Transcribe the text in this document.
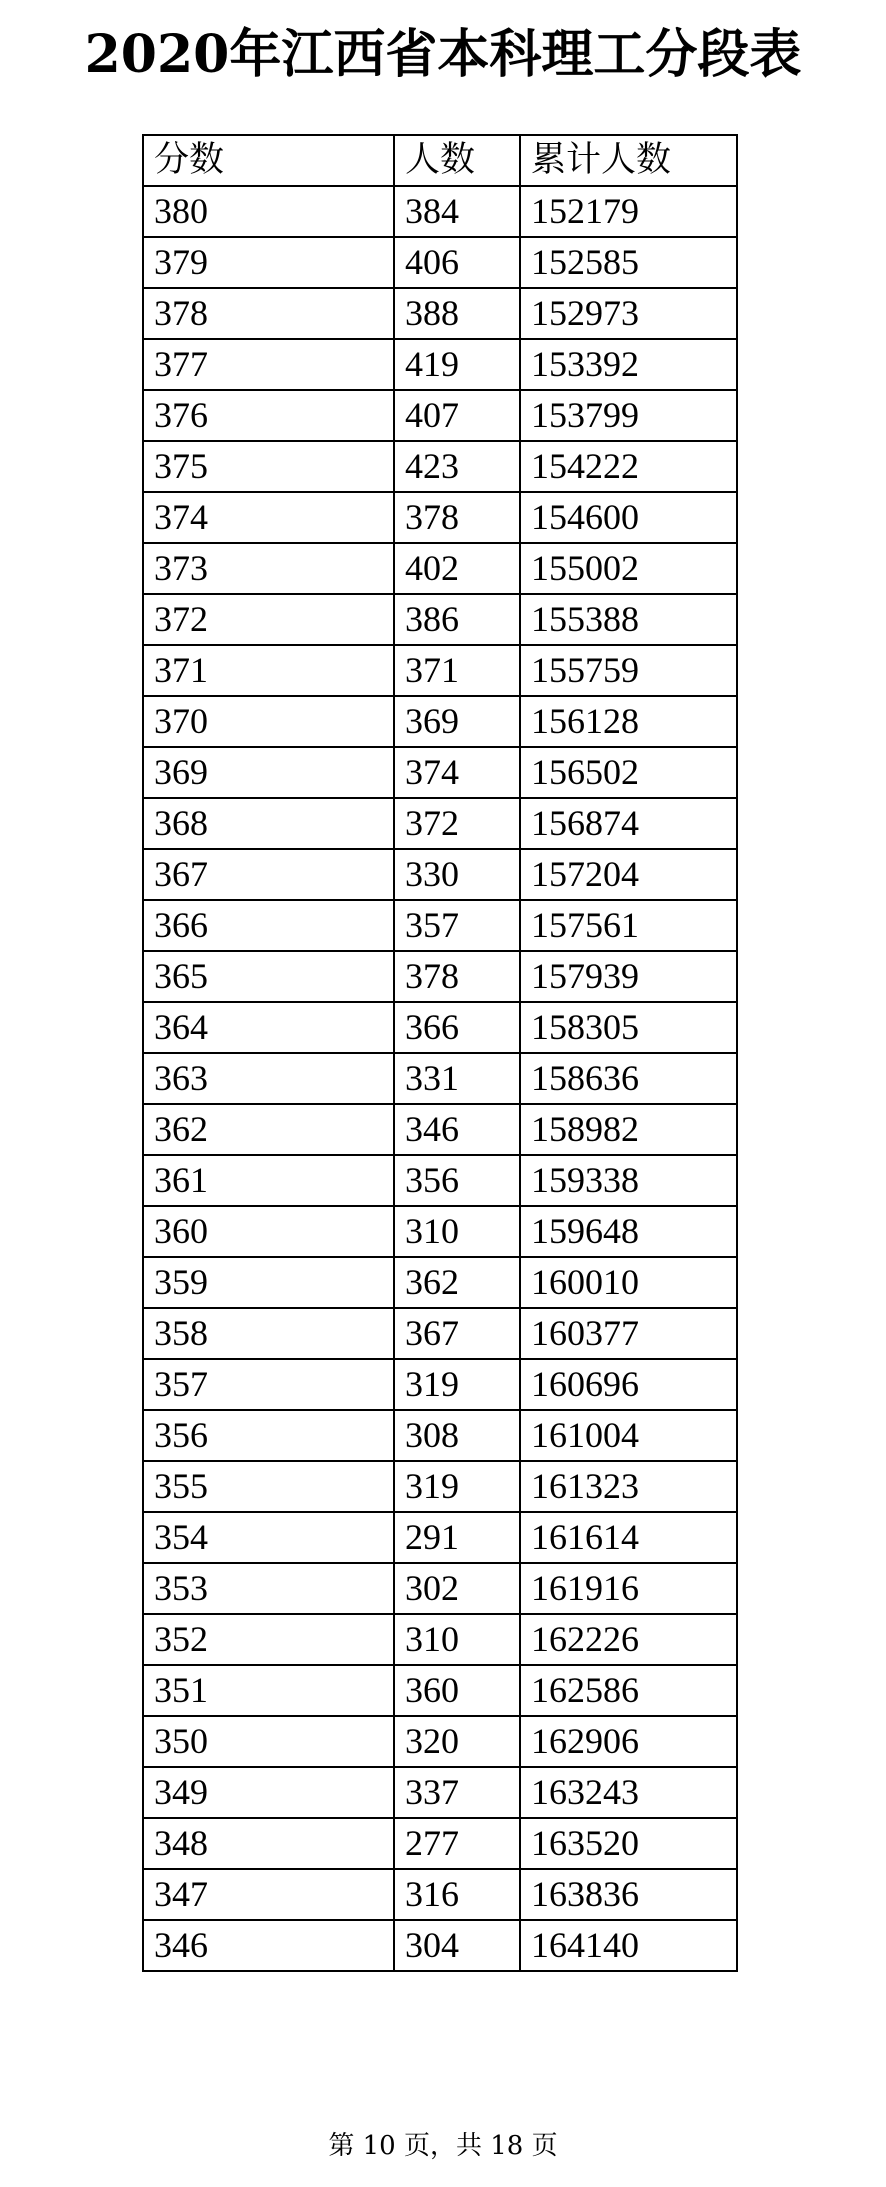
2020年江西省本科理工分段表
分数	人数	累计人数
380	384	152179
379	406	152585
378	388	152973
377	419	153392
376	407	153799
375	423	154222
374	378	154600
373	402	155002
372	386	155388
371	371	155759
370	369	156128
369	374	156502
368	372	156874
367	330	157204
366	357	157561
365	378	157939
364	366	158305
363	331	158636
362	346	158982
361	356	159338
360	310	159648
359	362	160010
358	367	160377
357	319	160696
356	308	161004
355	319	161323
354	291	161614
353	302	161916
352	310	162226
351	360	162586
350	320	162906
349	337	163243
348	277	163520
347	316	163836
346	304	164140
第 10 页，共 18 页
